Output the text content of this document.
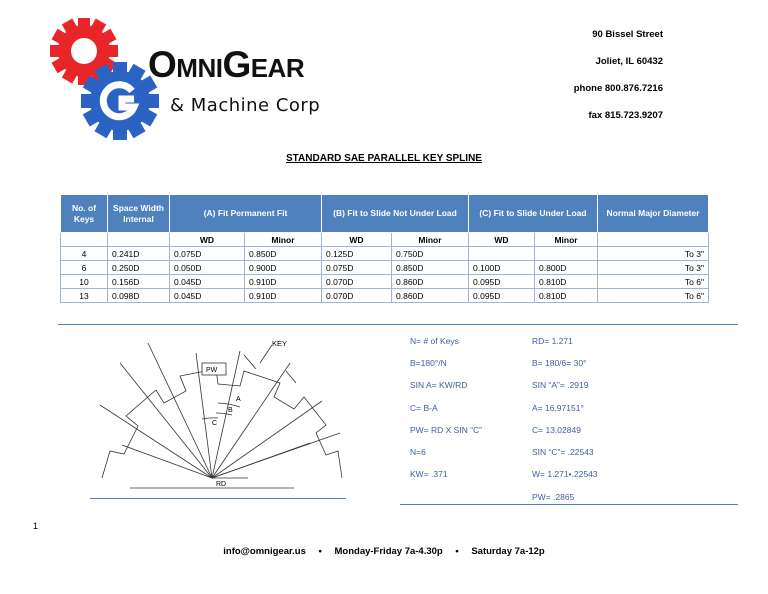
OmniGear
& Machine Corp
90 Bissel Street
Joliet, IL 60432
phone 800.876.7216
fax 815.723.9207
STANDARD SAE PARALLEL KEY SPLINE
No. of Keys	Space Width Internal	(A) Fit Permanent Fit		(B) Fit to Slide Not Under Load		(C) Fit to Slide Under Load		Normal Major Diameter
		WD	Minor	WD	Minor	WD	Minor	
4	0.241D	0.075D	0.850D	0.125D	0.750D			To 3"
6	0.250D	0.050D	0.900D	0.075D	0.850D	0.100D	0.800D	To 3"
10	0.156D	0.045D	0.910D	0.070D	0.860D	0.095D	0.810D	To 6"
13	0.098D	0.045D	0.910D	0.070D	0.860D	0.095D	0.810D	To 6"
KEY
PW
A
B
C
RD
N= # of Keys
B=180°/N
SIN A= KW/RD
C= B-A
PW= RD X SIN “C”
N=6
KW= .371
RD= 1.271
B= 180/6= 30°
SIN “A”= .2919
A= 16.97151°
C= 13.02849
SIN “C”= .22543
W= 1.271•.22543
PW= .2865
1
info@omnigear.us • Monday-Friday 7a-4.30p • Saturday 7a-12p
